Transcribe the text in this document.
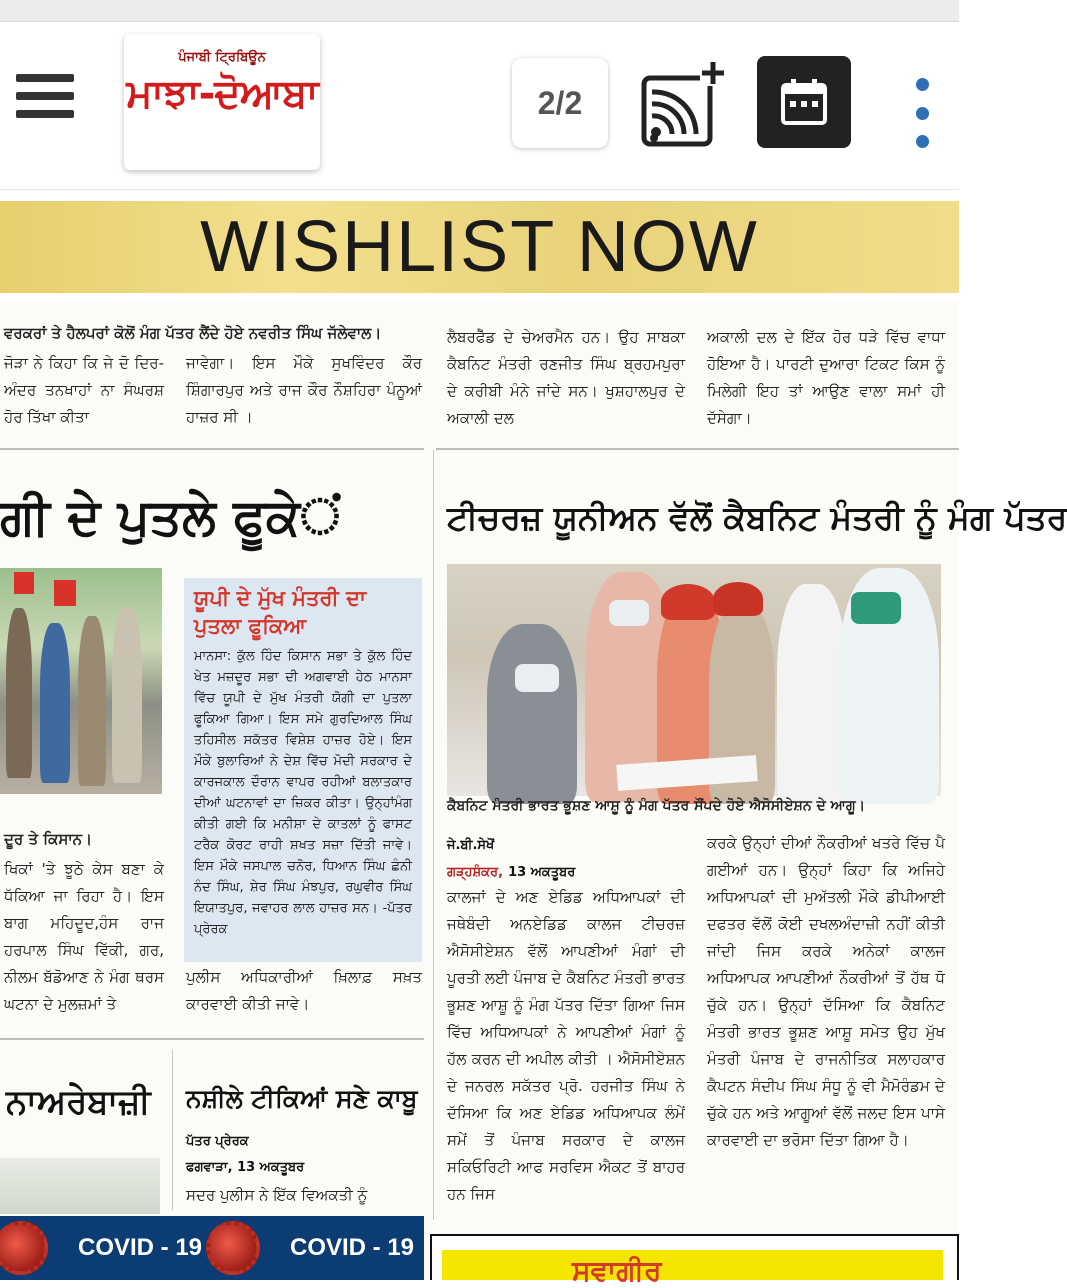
ਪੰਜਾਬੀ ਟ੍ਰਿਬਿਊਨ
ਮਾਝਾ-ਦੋਆਬਾ	2/2
WISHLIST NOW
ਵਰਕਰਾਂ ਤੇ ਹੈਲਪਰਾਂ ਕੋਲੋਂ ਮੰਗ ਪੱਤਰ ਲੈਂਦੇ ਹੋਏ ਨਵਰੀਤ ਸਿੰਘ ਜੱਲੇਵਾਲ।
ਜੋੜਾ ਨੇ ਕਿਹਾ ਕਿ ਜੇ ਦੋ ਦਿਰ-ਅੰਦਰ ਤਨਖਾਹਾਂ ਨਾ ਸੰਘਰਸ਼ ਹੋਰ ਤਿੱਖਾ ਕੀਤਾ
ਜਾਵੇਗਾ। ਇਸ ਮੌਕੇ ਸੁਖਵਿੰਦਰ ਕੌਰ ਸ਼ਿੰਗਾਰਪੁਰ ਅਤੇ ਰਾਜ ਕੌਰ ਨੌਸ਼ਹਿਰਾ ਪੰਨੂਆਂ ਹਾਜ਼ਰ ਸੀ ।
ਲੈਬਰਫੈੱਡ ਦੇ ਚੇਅਰਮੈਨ ਹਨ। ਉਹ ਸਾਬਕਾ ਕੈਬਨਿਟ ਮੰਤਰੀ ਰਣਜੀਤ ਸਿੰਘ ਬ੍ਰਹਮਪੁਰਾ ਦੇ ਕਰੀਬੀ ਮੰਨੇ ਜਾਂਦੇ ਸਨ। ਖੁਸ਼ਹਾਲਪੁਰ ਦੇ ਅਕਾਲੀ ਦਲ
ਅਕਾਲੀ ਦਲ ਦੇ ਇੱਕ ਹੋਰ ਧੜੇ ਵਿੱਚ ਵਾਧਾ ਹੋਇਆ ਹੈ। ਪਾਰਟੀ ਦੁਆਰਾ ਟਿਕਟ ਕਿਸ ਨੂੰ ਮਿਲੇਗੀ ਇਹ ਤਾਂ ਆਉਣ ਵਾਲਾ ਸਮਾਂ ਹੀ ਦੱਸੇਗਾ।
ਂਗੀ ਦੇ ਪੁਤਲੇ ਫੂਕੇ
ਦੂਰ ਤੇ ਕਿਸਾਨ।
ਖਿਕਾਂ 'ਤੇ ਝੂਠੇ ਕੇਸ ਬਣਾ ਕੇ ਧੱਕਿਆ ਜਾ ਰਿਹਾ ਹੈ। ਇਸ ਬਾਗ ਮਹਿਦੂਦ,ਹੰਸ ਰਾਜ ਹਰਪਾਲ ਸਿੰਘ ਵਿੱਕੀ, ਗਰ, ਨੀਲਮ ਬੱਡੋਆਣ ਨੇ ਮੰਗ ਥਰਸ ਘਟਨਾ ਦੇ ਮੁਲਜ਼ਮਾਂ ਤੇ
ਯੂਪੀ ਦੇ ਮੁੱਖ ਮੰਤਰੀ ਦਾ ਪੁਤਲਾ ਫੂਕਿਆ
ਮਾਨਸਾ: ਕੁੱਲ ਹਿੰਦ ਕਿਸਾਨ ਸਭਾ ਤੇ ਕੁੱਲ ਹਿੰਦ ਖੇਤ ਮਜ਼ਦੂਰ ਸਭਾ ਦੀ ਅਗਵਾਈ ਹੇਠ ਮਾਨਸਾ ਵਿੱਚ ਯੂਪੀ ਦੇ ਮੁੱਖ ਮੰਤਰੀ ਯੋਗੀ ਦਾ ਪੁਤਲਾ ਫੂਕਿਆ ਗਿਆ। ਇਸ ਸਮੇ ਗੁਰਦਿਆਲ ਸਿੰਘ ਤਹਿਸੀਲ ਸਕੱਤਰ ਵਿਸ਼ੇਸ਼ ਹਾਜ਼ਰ ਹੋਏ। ਇਸ ਮੌਕੇ ਬੁਲਾਰਿਆਂ ਨੇ ਦੇਸ਼ ਵਿੱਚ ਮੋਦੀ ਸਰਕਾਰ ਦੇ ਕਾਰਜਕਾਲ ਦੌਰਾਨ ਵਾਪਰ ਰਹੀਆਂ ਬਲਾਤਕਾਰ ਦੀਆਂ ਘਟਨਾਵਾਂ ਦਾ ਜ਼ਿਕਰ ਕੀਤਾ। ਉਨ੍ਹਾਂਮੰਗ ਕੀਤੀ ਗਈ ਕਿ ਮਨੀਸ਼ਾ ਦੇ ਕਾਤਲਾਂ ਨੂੰ ਫਾਸਟ ਟਰੈਕ ਕੋਰਟ ਰਾਹੀ ਸ਼ਖਤ ਸਜ਼ਾ ਦਿੱਤੀ ਜਾਵੇ। ਇਸ ਮੌਕੇ ਜਸਪਾਲ ਚਨੋਰ, ਧਿਆਨ ਸਿੰਘ ਛੰਨੀ ਨੰਦ ਸਿੰਘ, ਸ਼ੇਰ ਸਿੰਘ ਮੰਝਪੁਰ, ਰਘੁਵੀਰ ਸਿੰਘ ਇਯਾਤਪੁਰ, ਜਵਾਹਰ ਲਾਲ ਹਾਜ਼ਰ ਸਨ। -ਪੱਤਰ ਪ੍ਰੇਰਕ
ਪੁਲੀਸ ਅਧਿਕਾਰੀਆਂ ਖ਼ਿਲਾਫ਼ ਸਖ਼ਤ ਕਾਰਵਾਈ ਕੀਤੀ ਜਾਵੇ।
ਟੀਚਰਜ਼ ਯੂਨੀਅਨ ਵੱਲੋਂ ਕੈਬਨਿਟ ਮੰਤਰੀ ਨੂੰ ਮੰਗ ਪੱਤਰ
ਕੈਬਨਿਟ ਮੰਤਰੀ ਭਾਰਤ ਭੂਸ਼ਣ ਆਸ਼ੂ ਨੂੰ ਮੰਗ ਪੱਤਰ ਸੌਂਪਦੇ ਹੋਏ ਐਸੋਸੀਏਸ਼ਨ ਦੇ ਆਗੂ।
ਜੇ.ਬੀ.ਸੇਖੋਂ
ਗੜ੍ਹਸ਼ੰਕਰ, 13 ਅਕਤੂਬਰ
ਕਾਲਜਾਂ ਦੇ ਅਣ ਏਡਿਡ ਅਧਿਆਪਕਾਂ ਦੀ ਜਥੇਬੰਦੀ ਅਨਏਡਿਡ ਕਾਲਜ ਟੀਚਰਜ਼ ਐਸੋਸੀਏਸ਼ਨ ਵੱਲੋਂ ਆਪਣੀਆਂ ਮੰਗਾਂ ਦੀ ਪੂਰਤੀ ਲਈ ਪੰਜਾਬ ਦੇ ਕੈਬਨਿਟ ਮੰਤਰੀ ਭਾਰਤ ਭੂਸ਼ਣ ਆਸ਼ੂ ਨੂੰ ਮੰਗ ਪੱਤਰ ਦਿੱਤਾ ਗਿਆ ਜਿਸ ਵਿੱਚ ਅਧਿਆਪਕਾਂ ਨੇ ਆਪਣੀਆਂ ਮੰਗਾਂ ਨੂੰ ਹੱਲ ਕਰਨ ਦੀ ਅਪੀਲ ਕੀਤੀ । ਐਸੋਸੀਏਸ਼ਨ ਦੇ ਜਨਰਲ ਸਕੱਤਰ ਪ੍ਰੋ. ਹਰਜੀਤ ਸਿੰਘ ਨੇ ਦੱਸਿਆ ਕਿ ਅਣ ਏਡਿਡ ਅਧਿਆਪਕ ਲੰਮੇਂ ਸਮੇਂ ਤੋਂ ਪੰਜਾਬ ਸਰਕਾਰ ਦੇ ਕਾਲਜ ਸਕਿਓਰਿਟੀ ਆਫ ਸਰਵਿਸ ਐਕਟ ਤੋਂ ਬਾਹਰ ਹਨ ਜਿਸ
ਕਰਕੇ ਉਨ੍ਹਾਂ ਦੀਆਂ ਨੌਕਰੀਆਂ ਖਤਰੇ ਵਿੱਚ ਪੈ ਗਈਆਂ ਹਨ। ਉਨ੍ਹਾਂ ਕਿਹਾ ਕਿ ਅਜਿਹੇ ਅਧਿਆਪਕਾਂ ਦੀ ਮੁਅੱਤਲੀ ਮੌਕੇ ਡੀਪੀਆਈ ਦਫਤਰ ਵੱਲੋਂ ਕੋਈ ਦਖਲਅੰਦਾਜ਼ੀ ਨਹੀਂ ਕੀਤੀ ਜਾਂਦੀ ਜਿਸ ਕਰਕੇ ਅਨੇਕਾਂ ਕਾਲਜ ਅਧਿਆਪਕ ਆਪਣੀਆਂ ਨੌਕਰੀਆਂ ਤੋਂ ਹੱਥ ਧੋ ਚੁੱਕੇ ਹਨ। ਉਨ੍ਹਾਂ ਦੱਸਿਆ ਕਿ ਕੈਬਨਿਟ ਮੰਤਰੀ ਭਾਰਤ ਭੂਸ਼ਣ ਆਸ਼ੂ ਸਮੇਤ ਉਹ ਮੁੱਖ ਮੰਤਰੀ ਪੰਜਾਬ ਦੇ ਰਾਜਨੀਤਿਕ ਸਲਾਹਕਾਰ ਕੈਪਟਨ ਸੰਦੀਪ ਸਿੰਘ ਸੰਧੂ ਨੂੰ ਵੀ ਮੈਮੋਰੰਡਮ ਦੇ ਚੁੱਕੇ ਹਨ ਅਤੇ ਆਗੂਆਂ ਵੱਲੋਂ ਜਲਦ ਇਸ ਪਾਸੇ ਕਾਰਵਾਈ ਦਾ ਭਰੋਸਾ ਦਿੱਤਾ ਗਿਆ ਹੈ।
ਨਾਅਰੇਬਾਜ਼ੀ	ਨਸ਼ੀਲੇ ਟੀਕਿਆਂ ਸਣੇ ਕਾਬੂ
ਪੱਤਰ ਪ੍ਰੇਰਕ
ਫਗਵਾੜਾ, 13 ਅਕਤੂਬਰ
ਸਦਰ ਪੁਲੀਸ ਨੇ ਇੱਕ ਵਿਅਕਤੀ ਨੂੰ
COVID - 19	COVID - 19
ਸਵਾਗੀਰ
